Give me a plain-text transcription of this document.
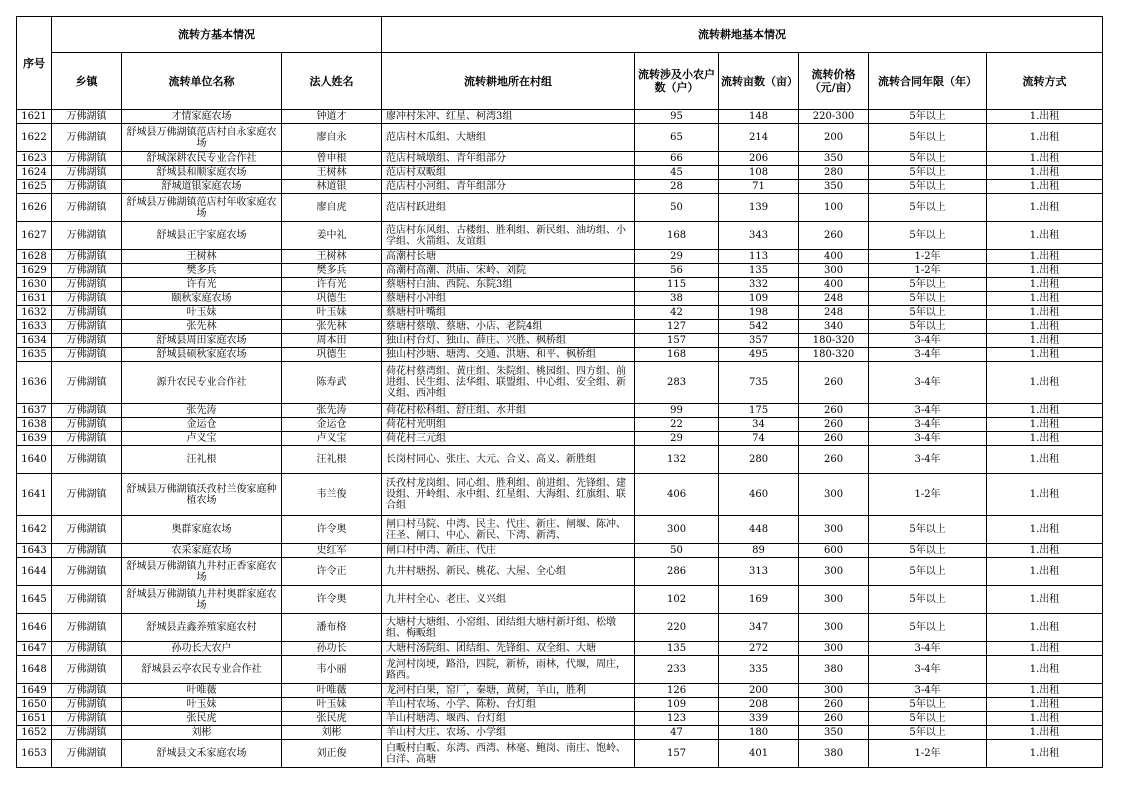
序号	流转方基本情况			流转耕地基本情况					
	乡镇	流转单位名称	法人姓名	流转耕地所在村组	流转涉及小农户数（户）	流转亩数（亩）	流转价格（元/亩）	流转合同年限（年）	流转方式
1621	万佛湖镇	才情家庭农场	钟道才	廖冲村朱冲、红星、柯湾3组	95	148	220-300	5年以上	1.出租
1622	万佛湖镇	舒城县万佛湖镇范店村自永家庭农场	廖自永	范店村木瓜组、大塘组	65	214	200	5年以上	1.出租
1623	万佛湖镇	舒城深耕农民专业合作社	曾申根	范店村城墩组、青年组部分	66	206	350	5年以上	1.出租
1624	万佛湖镇	舒城县和顺家庭农场	王树林	范店村双畈组	45	108	280	5年以上	1.出租
1625	万佛湖镇	舒城道银家庭农场	林道银	范店村小河组、青年组部分	28	71	350	5年以上	1.出租
1626	万佛湖镇	舒城县万佛湖镇范店村年收家庭农场	廖自虎	范店村跃进组	50	139	100	5年以上	1.出租
1627	万佛湖镇	舒城县正宇家庭农场	姜中礼	范店村东风组、古楼组、胜利组、新民组、油坊组、小学组、火箭组、友谊组	168	343	260	5年以上	1.出租
1628	万佛湖镇	王树林	王树林	高潮村长塘	29	113	400	1-2年	1.出租
1629	万佛湖镇	樊多兵	樊多兵	高潮村高潮、洪庙、宋岭、刘院	56	135	300	1-2年	1.出租
1630	万佛湖镇	许有光	许有光	蔡塘村白油、西院、东院3组	115	332	400	5年以上	1.出租
1631	万佛湖镇	颐秋家庭农场	巩德生	蔡塘村小冲组	38	109	248	5年以上	1.出租
1632	万佛湖镇	叶玉妹	叶玉妹	蔡塘村叶嘴组	42	198	248	5年以上	1.出租
1633	万佛湖镇	张先林	张先林	蔡塘村蔡墩、蔡塘、小店、老院4组	127	542	340	5年以上	1.出租
1634	万佛湖镇	舒城县周田家庭农场	周本田	独山村台灯、独山、薛庄、兴胜、枫桥组	157	357	180-320	3-4年	1.出租
1635	万佛湖镇	舒城县硕秋家庭农场	巩德生	独山村沙塘、塘湾、交通、洪塘、和平、枫桥组	168	495	180-320	3-4年	1.出租
1636	万佛湖镇	源升农民专业合作社	陈寿武	荷花村蔡湾组、黄庄组、朱院组、桃园组、四方组、前进组、民生组、法华组、联盟组、中心组、安全组、新义组、西冲组	283	735	260	3-4年	1.出租
1637	万佛湖镇	张先涛	张先涛	荷花村松科组、舒庄组、水井组	99	175	260	3-4年	1.出租
1638	万佛湖镇	金运仓	金运仓	荷花村光明组	22	34	260	3-4年	1.出租
1639	万佛湖镇	卢义宝	卢义宝	荷花村三元组	29	74	260	3-4年	1.出租
1640	万佛湖镇	汪礼根	汪礼根	长岗村同心、张庄、大元、合义、高义、新胜组	132	280	260	3-4年	1.出租
1641	万佛湖镇	舒城县万佛湖镇沃孜村兰俊家庭种植农场	韦兰俊	沃孜村龙岗组、同心组、胜利组、前进组、先锋组、建设组、开岭组、永中组、红星组、大海组、红旗组、联合组	406	460	300	1-2年	1.出租
1642	万佛湖镇	奥群家庭农场	许令奥	闸口村马院、中湾、民主、代庄、新庄、闸堰、陈冲、汪圣、闸口、中心、新民、下湾、新湾、	300	448	300	5年以上	1.出租
1643	万佛湖镇	农采家庭农场	史红军	闸口村中湾、新庄、代庄	50	89	600	5年以上	1.出租
1644	万佛湖镇	舒城县万佛湖镇九井村正香家庭农场	许令正	九井村塘拐、新民、桃花、大屋、全心组	286	313	300	5年以上	1.出租
1645	万佛湖镇	舒城县万佛湖镇九井村奥群家庭农场	许令奥	九井村全心、老庄、义兴组	102	169	300	5年以上	1.出租
1646	万佛湖镇	舒城县垚鑫养殖家庭农村	潘布格	大塘村大塘组、小窑组、团结组大塘村新圩组、松墩组、梅畈组	220	347	300	5年以上	1.出租
1647	万佛湖镇	孙功长大农户	孙功长	大塘村汤院组、团结组、先锋组、双全组、大塘	135	272	300	3-4年	1.出租
1648	万佛湖镇	舒城县云亭农民专业合作社	韦小丽	龙河村岗埂，路沿，四院，新桥，雨林，代堰，周庄，路西。	233	335	380	3-4年	1.出租
1649	万佛湖镇	叶唯薇	叶唯薇	龙河村白果，窑厂，秦塘，黄树，羊山，胜利	126	200	300	3-4年	1.出租
1650	万佛湖镇	叶玉妹	叶玉妹	羊山村农场、小学、陈粉、台灯组	109	208	260	5年以上	1.出租
1651	万佛湖镇	张民虎	张民虎	羊山村塘湾、堰西、台灯组	123	339	260	5年以上	1.出租
1652	万佛湖镇	刘彬	刘彬	羊山村大庄、农场、小学组	47	180	350	5年以上	1.出租
1653	万佛湖镇	舒城县文禾家庭农场	刘正俊	白畈村白畈、东湾、西湾、林毫、鲍岗、南庄、饱岭、白洋、高塘	157	401	380	1-2年	1.出租
